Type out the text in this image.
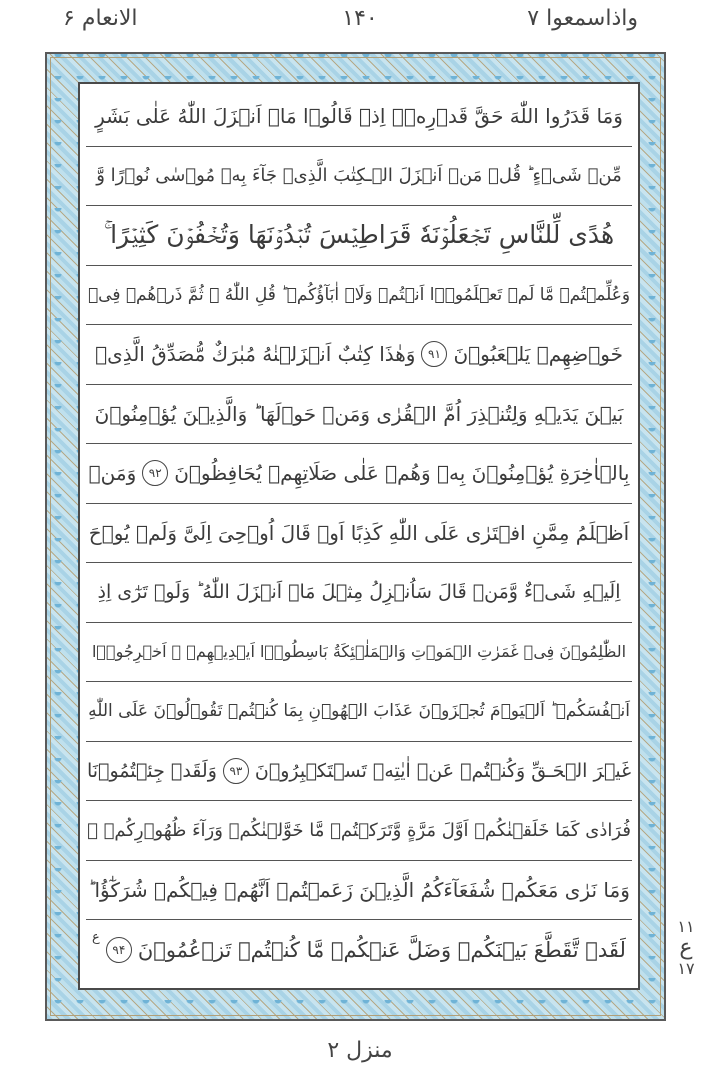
واذاسمعوا ۷
۱۴۰
الانعام ۶
وَمَا قَدَرُوا اللّٰهَ حَقَّ قَدۡرِهٖۤ اِذۡ قَالُوۡا مَاۤ اَنۡزَلَ اللّٰهُ عَلٰى بَشَرٍ
مِّنۡ شَىۡءٍ ؕ قُلۡ مَنۡ اَنۡزَلَ الۡـكِتٰبَ الَّذِىۡ جَآءَ بِهٖ مُوۡسٰى نُوۡرًا وَّ
هُدًى لِّلنَّاسِ تَجۡعَلُوۡنَهٗ قَرَاطِيۡسَ تُبۡدُوۡنَهَا وَتُخۡفُوۡنَ كَثِيۡرًا ۚ
وَعُلِّمۡتُمۡ مَّا لَمۡ تَعۡلَمُوۡۤا اَنۡتُمۡ وَلَاۤ اٰبَآؤُكُمۡ ؕ قُلِ اللّٰهُ ۙ ثُمَّ ذَرۡهُمۡ فِىۡ
خَوۡضِهِمۡ يَلۡعَبُوۡنَ
۹۱
وَهٰذَا كِتٰبٌ اَنۡزَلۡنٰهُ مُبٰرَكٌ مُّصَدِّقُ الَّذِىۡ
بَيۡنَ يَدَيۡهِ وَلِتُنۡذِرَ اُمَّ الۡقُرٰى وَمَنۡ حَوۡلَهَا ؕ وَالَّذِيۡنَ يُؤۡمِنُوۡنَ
بِالۡاٰخِرَةِ يُؤۡمِنُوۡنَ بِهٖ وَهُمۡ عَلٰى صَلَاتِهِمۡ يُحَافِظُوۡنَ
۹۲
وَمَنۡ
اَظۡلَمُ مِمَّنِ افۡتَرٰى عَلَى اللّٰهِ كَذِبًا اَوۡ قَالَ اُوۡحِىَ اِلَىَّ وَلَمۡ يُوۡحَ
اِلَيۡهِ شَىۡءٌ وَّمَنۡ قَالَ سَاُنۡزِلُ مِثۡلَ مَاۤ اَنۡزَلَ اللّٰهُ ؕ وَلَوۡ تَرٰٓى اِذِ
الظّٰلِمُوۡنَ فِىۡ غَمَرٰتِ الۡمَوۡتِ وَالۡمَلٰۤئِكَةُ بَاسِطُوۡۤا اَيۡدِيۡهِمۡ ۚ اَخۡرِجُوۡۤا
اَنۡفُسَكُمۡ ؕ اَلۡيَوۡمَ تُجۡزَوۡنَ عَذَابَ الۡهُوۡنِ بِمَا كُنۡتُمۡ تَقُوۡلُوۡنَ عَلَى اللّٰهِ
غَيۡرَ الۡحَـقِّ وَكُنۡتُمۡ عَنۡ اٰيٰتِهٖ تَسۡتَكۡبِرُوۡنَ
۹۳
وَلَقَدۡ جِئۡتُمُوۡنَا
فُرَادٰى كَمَا خَلَقۡنٰكُمۡ اَوَّلَ مَرَّةٍ وَّتَرَكۡتُمۡ مَّا خَوَّلۡنٰكُمۡ وَرَآءَ ظُهُوۡرِكُمۡ ۚ
وَمَا نَرٰى مَعَكُمۡ شُفَعَآءَكُمُ الَّذِيۡنَ زَعَمۡتُمۡ اَنَّهُمۡ فِيۡكُمۡ شُرَكٰٓؤُا ؕ
لَقَدۡ تَّقَطَّعَ بَيۡنَكُمۡ وَضَلَّ عَنۡكُمۡ مَّا كُنۡتُمۡ تَزۡعُمُوۡنَ
۹۴
ع
۱۱
ع
۱۷
منزل ۲
